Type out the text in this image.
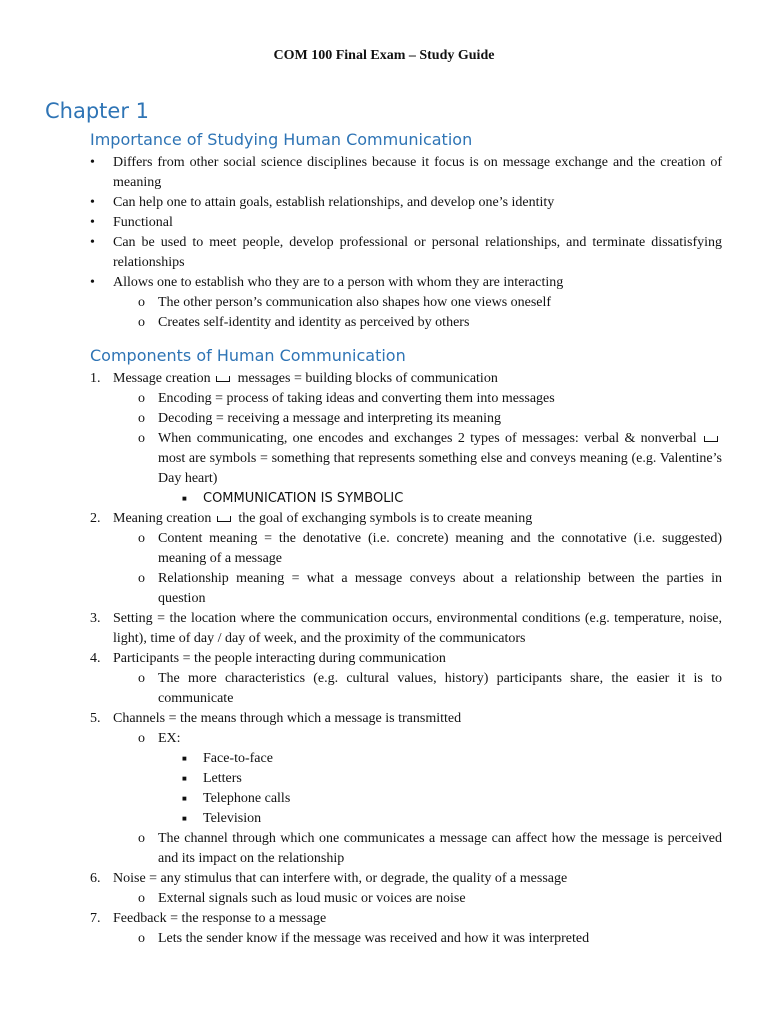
COM 100 Final Exam – Study Guide
Chapter 1
Importance of Studying Human Communication
• Differs from other social science disciplines because it focus is on message exchange and the creation of meaning
• Can help one to attain goals, establish relationships, and develop one’s identity
• Functional
• Can be used to meet people, develop professional or personal relationships, and terminate dissatisfying relationships
• Allows one to establish who they are to a person with whom they are interacting
o The other person’s communication also shapes how one views oneself
o Creates self-identity and identity as perceived by others
Components of Human Communication
1. Message creation messages = building blocks of communication
o Encoding = process of taking ideas and converting them into messages
o Decoding = receiving a message and interpreting its meaning
o When communicating, one encodes and exchanges 2 types of messages: verbal & nonverbal  most are symbols = something that represents something else and conveys meaning (e.g. Valentine’s Day heart)
■ COMMUNICATION IS SYMBOLIC
2. Meaning creation the goal of exchanging symbols is to create meaning
o Content meaning = the denotative (i.e. concrete) meaning and the connotative (i.e. suggested) meaning of a message
o Relationship meaning = what a message conveys about a relationship between the parties in question
3. Setting = the location where the communication occurs, environmental conditions (e.g. temperature, noise, light), time of day / day of week, and the proximity of the communicators
4. Participants = the people interacting during communication
o The more characteristics (e.g. cultural values, history) participants share, the easier it is to communicate
5. Channels = the means through which a message is transmitted
o EX:
■ Face-to-face
■ Letters
■ Telephone calls
■ Television
o The channel through which one communicates a message can affect how the message is perceived and its impact on the relationship
6. Noise = any stimulus that can interfere with, or degrade, the quality of a message
o External signals such as loud music or voices are noise
7. Feedback = the response to a message
o Lets the sender know if the message was received and how it was interpreted
